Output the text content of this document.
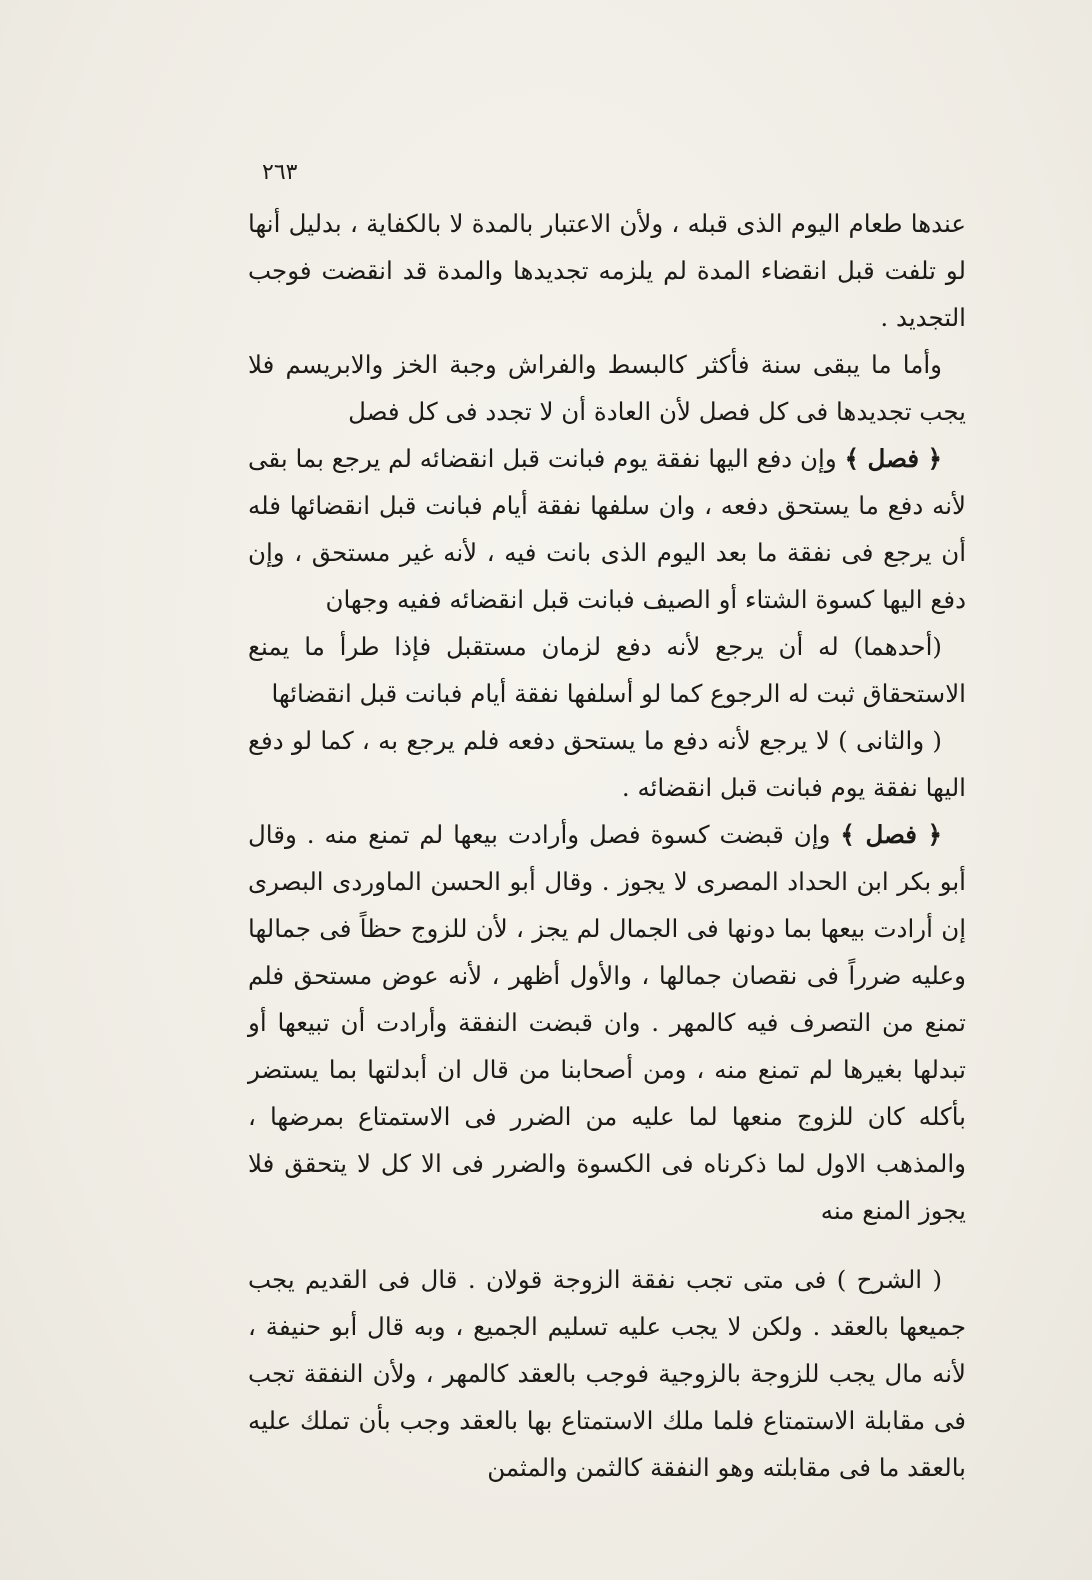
٢٦٣

عندها طعام اليوم الذى قبله ، ولأن الاعتبار بالمدة لا بالكفاية ، بدليل أنها لو تلفت قبل انقضاء المدة لم يلزمه تجديدها والمدة قد انقضت فوجب التجديد .

وأما ما يبقى سنة فأكثر كالبسط والفراش وجبة الخز والابريسم فلا يجب تجديدها فى كل فصل لأن العادة أن لا تجدد فى كل فصل

﴿ فصل ﴾ وإن دفع اليها نفقة يوم فبانت قبل انقضائه لم يرجع بما بقى لأنه دفع ما يستحق دفعه ، وان سلفها نفقة أيام فبانت قبل انقضائها فله أن يرجع فى نفقة ما بعد اليوم الذى بانت فيه ، لأنه غير مستحق ، وإن دفع اليها كسوة الشتاء أو الصيف فبانت قبل انقضائه ففيه وجهان

(أحدهما) له أن يرجع لأنه دفع لزمان مستقبل فإذا طرأ ما يمنع الاستحقاق ثبت له الرجوع كما لو أسلفها نفقة أيام فبانت قبل انقضائها

( والثانى ) لا يرجع لأنه دفع ما يستحق دفعه فلم يرجع به ، كما لو دفع اليها نفقة يوم فبانت قبل انقضائه .

﴿ فصل ﴾ وإن قبضت كسوة فصل وأرادت بيعها لم تمنع منه . وقال أبو بكر ابن الحداد المصرى لا يجوز . وقال أبو الحسن الماوردى البصرى إن أرادت بيعها بما دونها فى الجمال لم يجز ، لأن للزوج حظاً فى جمالها وعليه ضرراً فى نقصان جمالها ، والأول أظهر ، لأنه عوض مستحق فلم تمنع من التصرف فيه كالمهر . وان قبضت النفقة وأرادت أن تبيعها أو تبدلها بغيرها لم تمنع منه ، ومن أصحابنا من قال ان أبدلتها بما يستضر بأكله كان للزوج منعها لما عليه من الضرر فى الاستمتاع بمرضها ، والمذهب الاول لما ذكرناه فى الكسوة والضرر فى الا كل لا يتحقق فلا يجوز المنع منه

( الشرح ) فى متى تجب نفقة الزوجة قولان . قال فى القديم يجب جميعها بالعقد . ولكن لا يجب عليه تسليم الجميع ، وبه قال أبو حنيفة ، لأنه مال يجب للزوجة بالزوجية فوجب بالعقد كالمهر ، ولأن النفقة تجب فى مقابلة الاستمتاع فلما ملك الاستمتاع بها بالعقد وجب بأن تملك عليه بالعقد ما فى مقابلته وهو النفقة كالثمن والمثمن
